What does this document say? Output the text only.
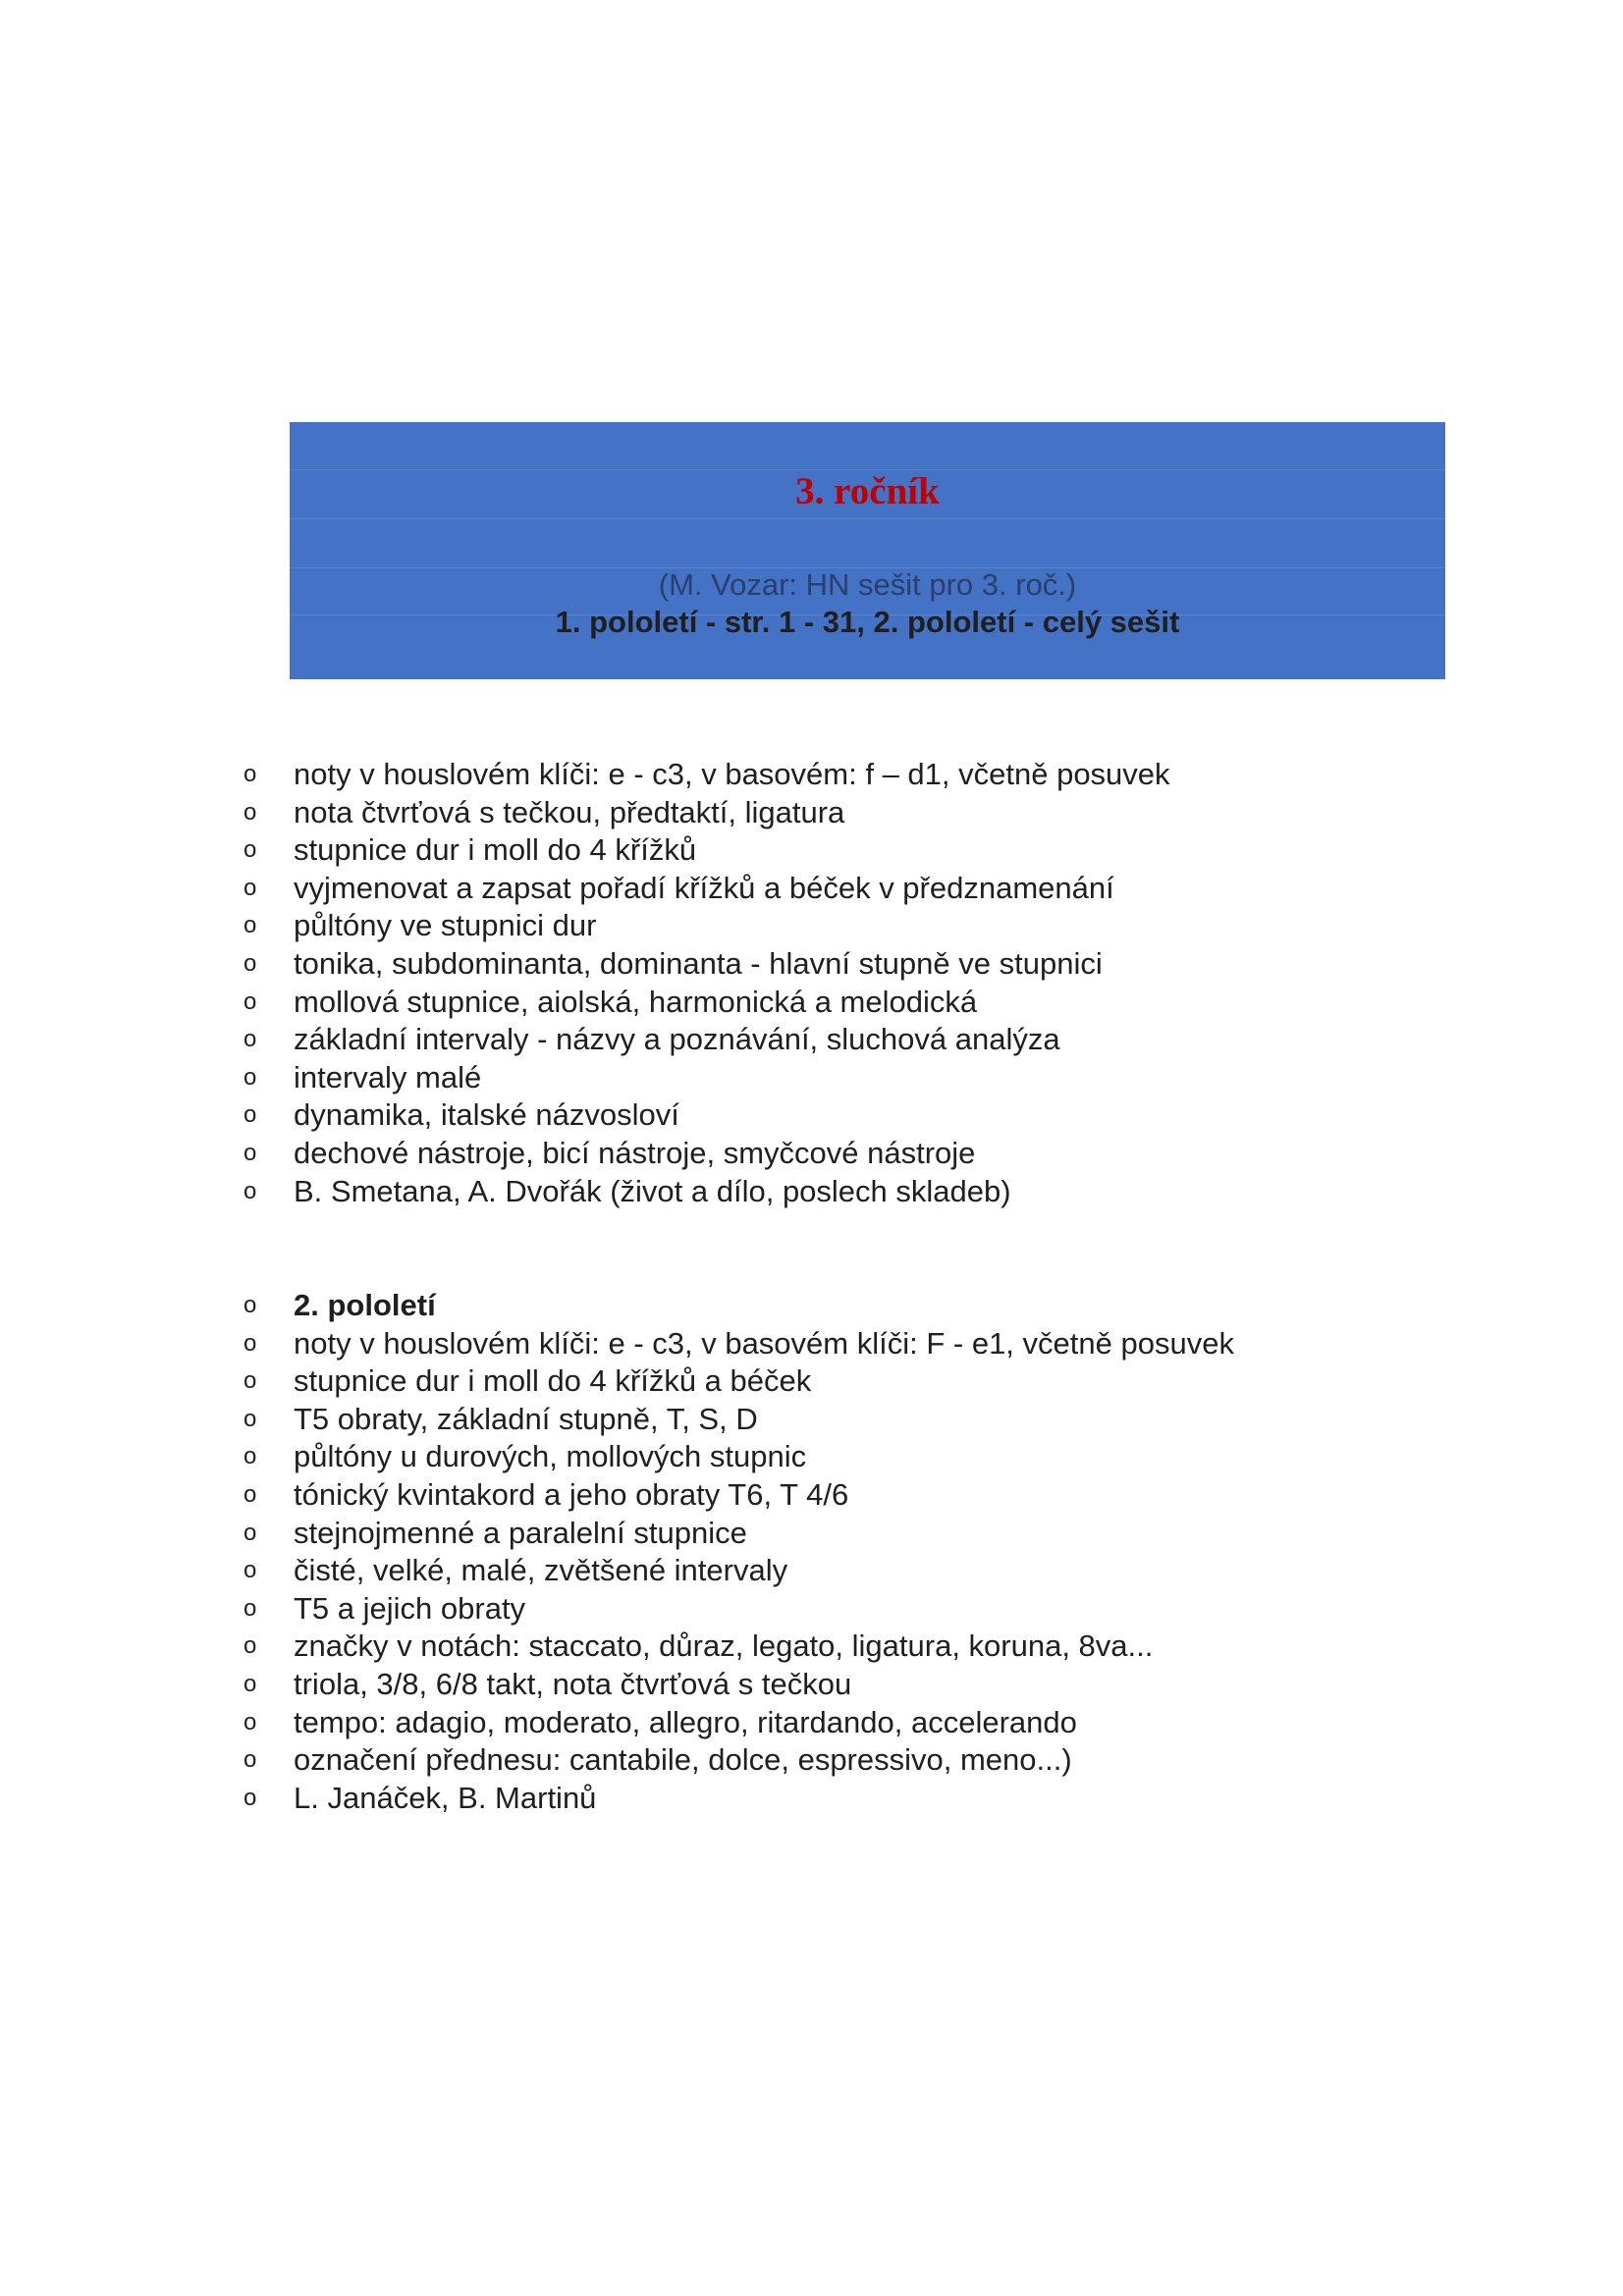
3. ročník
(M. Vozar: HN sešit pro 3. roč.)
1. pololetí - str. 1 - 31, 2. pololetí - celý sešit
o noty v houslovém klíči: e - c3, v basovém: f – d1, včetně posuvek
o nota čtvrťová s tečkou, předtaktí, ligatura
o stupnice dur i moll do 4 křížků
o vyjmenovat a zapsat pořadí křížků a béček v předznamenání
o půltóny ve stupnici dur
o tonika, subdominanta, dominanta - hlavní stupně ve stupnici
o mollová stupnice, aiolská, harmonická a melodická
o základní intervaly - názvy a poznávání, sluchová analýza
o intervaly malé
o dynamika, italské názvosloví
o dechové nástroje, bicí nástroje, smyčcové nástroje
o B. Smetana, A. Dvořák (život a dílo, poslech skladeb)
o 2. pololetí
o noty v houslovém klíči: e - c3, v basovém klíči: F - e1, včetně posuvek
o stupnice dur i moll do 4 křížků a béček
o T5 obraty, základní stupně, T, S, D
o půltóny u durových, mollových stupnic
o tónický kvintakord a jeho obraty T6, T 4/6
o stejnojmenné a paralelní stupnice
o čisté, velké, malé, zvětšené intervaly
o T5 a jejich obraty
o značky v notách: staccato, důraz, legato, ligatura, koruna, 8va...
o triola, 3/8, 6/8 takt, nota čtvrťová s tečkou
o tempo: adagio, moderato, allegro, ritardando, accelerando
o označení přednesu: cantabile, dolce, espressivo, meno...)
o L. Janáček, B. Martinů
